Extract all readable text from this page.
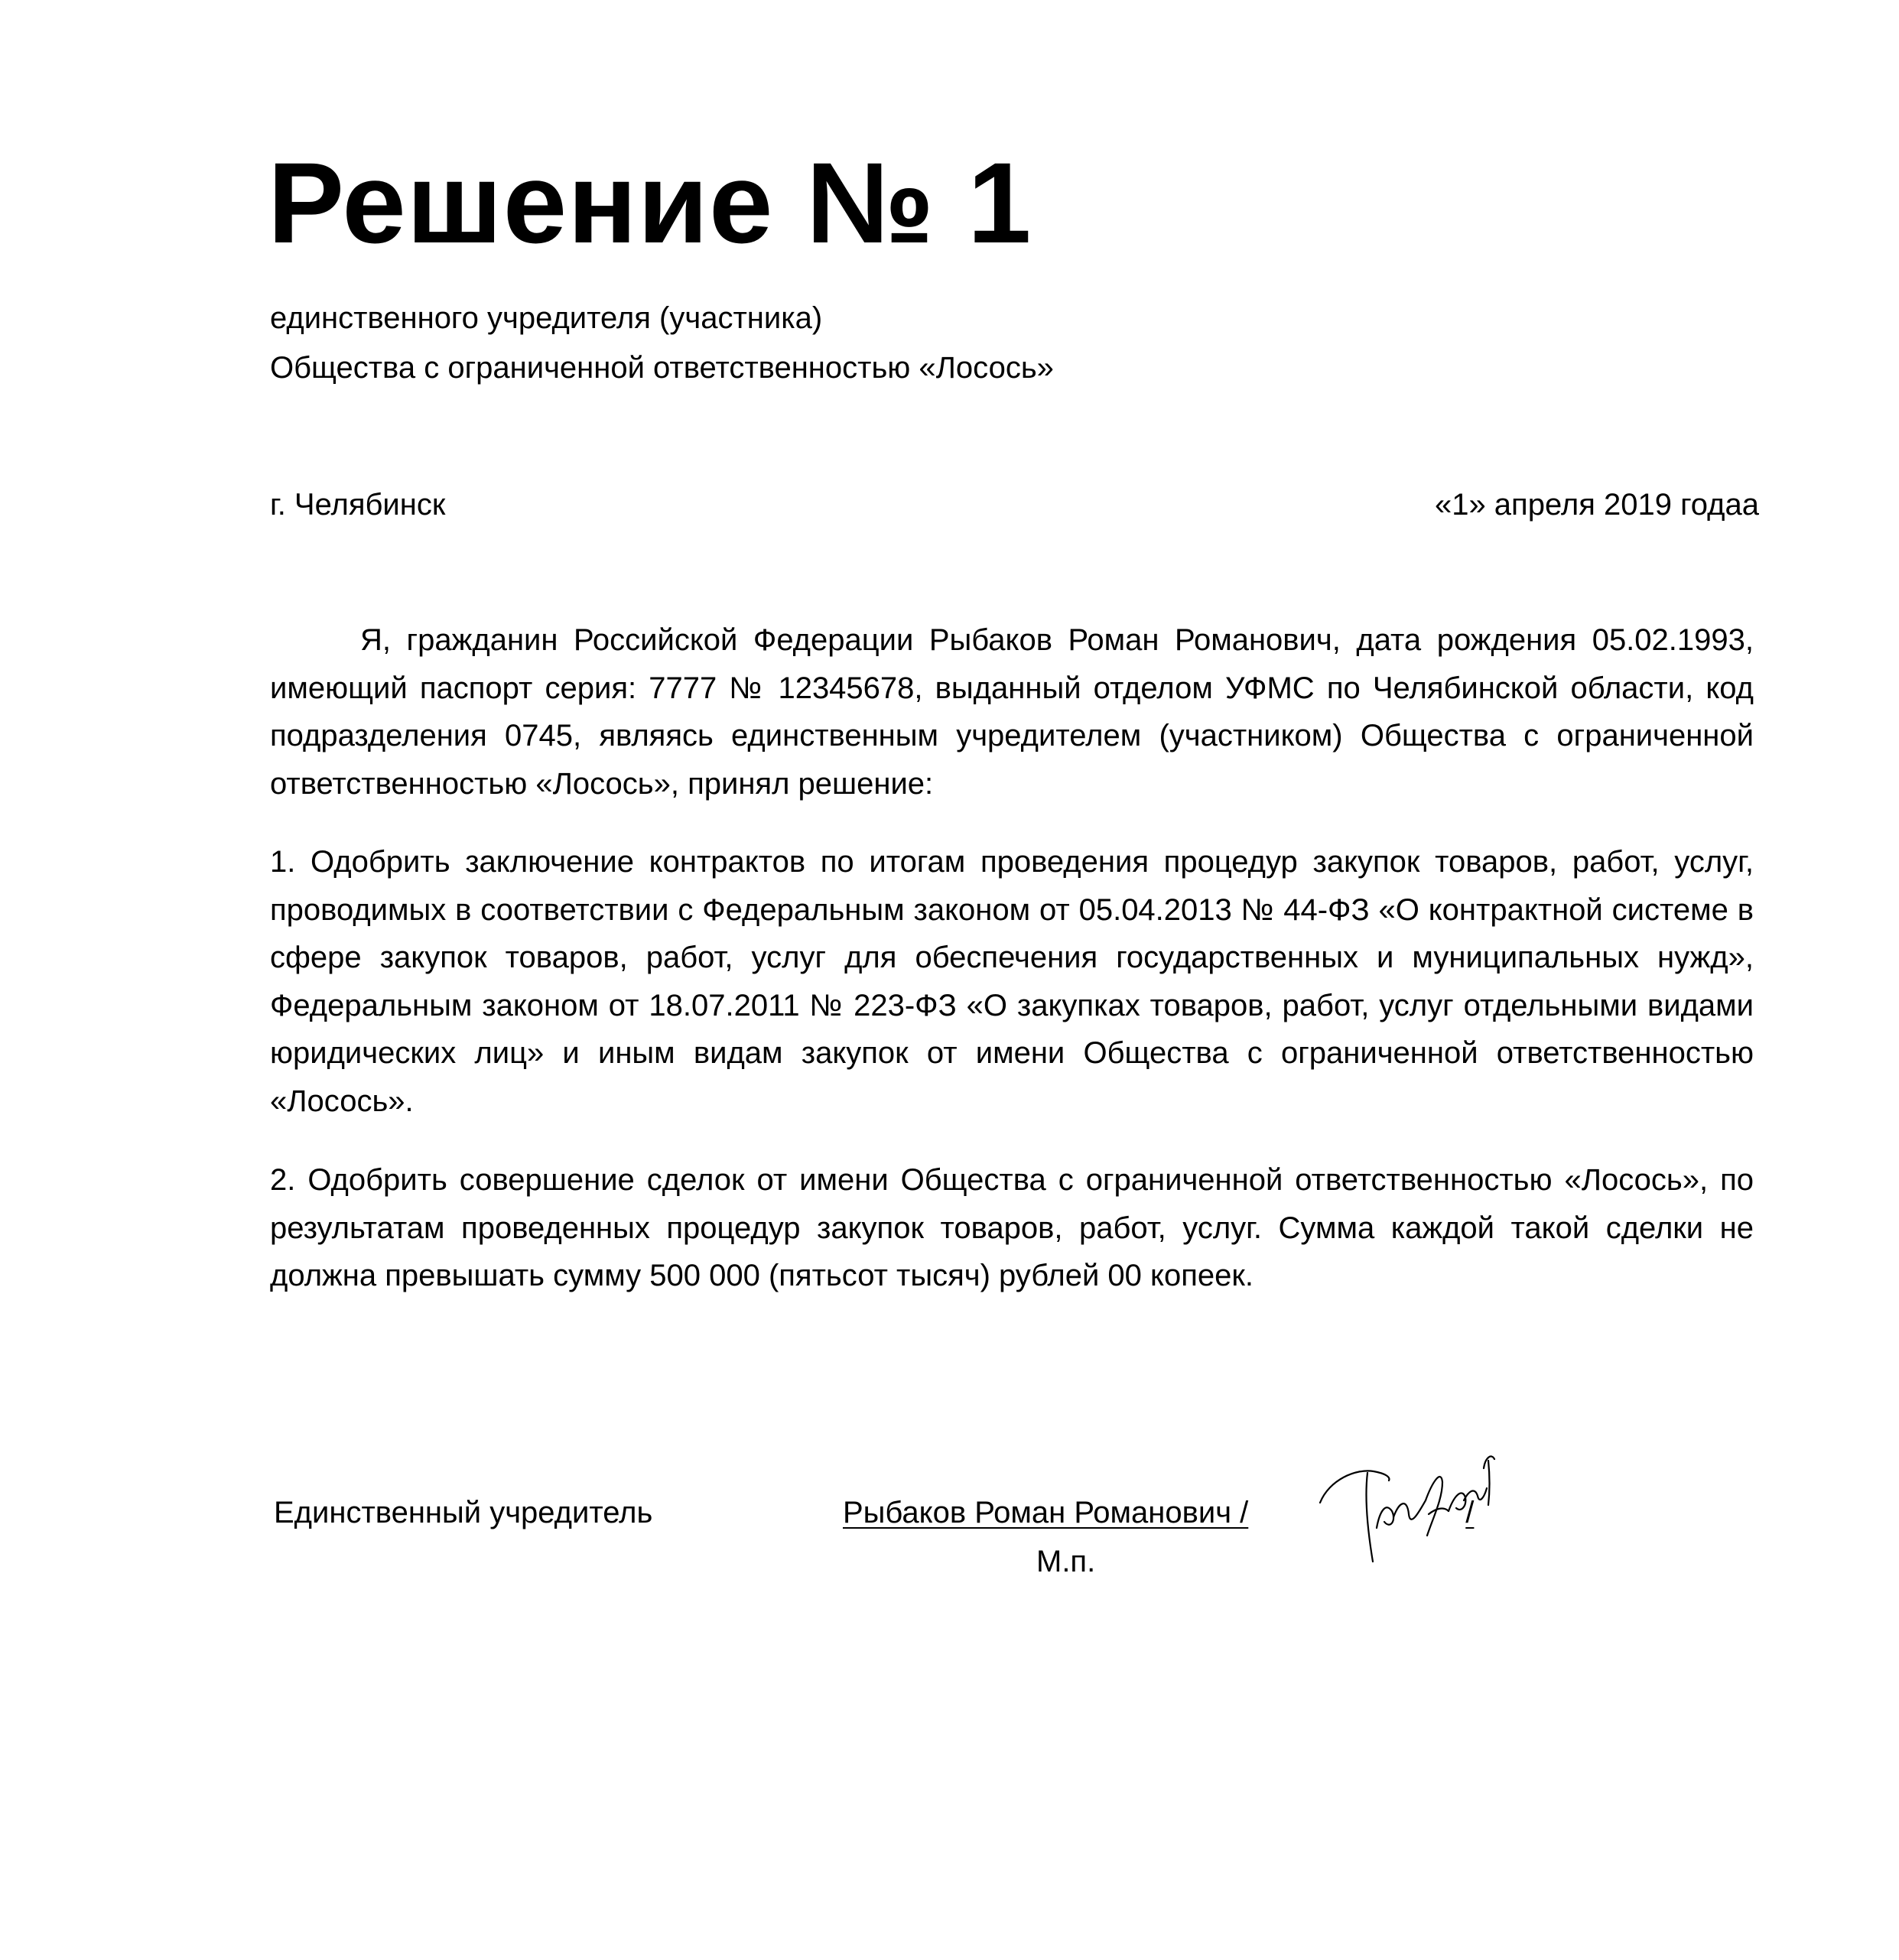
Решение № 1
единственного учредителя (участника)
Общества с ограниченной ответственностью «Лосось»
г. Челябинск	«1» апреля 2019 годаа

Я, гражданин Российской Федерации Рыбаков Роман Романович, дата рождения 05.02.1993, имеющий паспорт серия: 7777 № 12345678, выданный отделом УФМС по Челябинской области, код подразделения 0745, являясь единственным учредителем (участником) Общества с ограниченной ответственностью «Лосось», принял решение:

1. Одобрить заключение контрактов по итогам проведения процедур закупок товаров, работ, услуг, проводимых в соответствии с Федеральным законом от 05.04.2013 № 44-ФЗ «О контрактной системе в сфере закупок товаров, работ, услуг для обеспечения государственных и муниципальных нужд», Федеральным законом от 18.07.2011 № 223-ФЗ «О закупках товаров, работ, услуг отдельными видами юридических лиц» и иным видам закупок от имени Общества с ограниченной ответственностью «Лосось».

2. Одобрить совершение сделок от имени Общества с ограниченной ответственностью «Лосось», по результатам проведенных процедур закупок товаров, работ, услуг. Сумма каждой такой сделки не должна превышать сумму 500 000 (пятьсот тысяч) рублей 00 копеек.

Единственный учредитель	Рыбаков Роман Романович /	/
М.п.
